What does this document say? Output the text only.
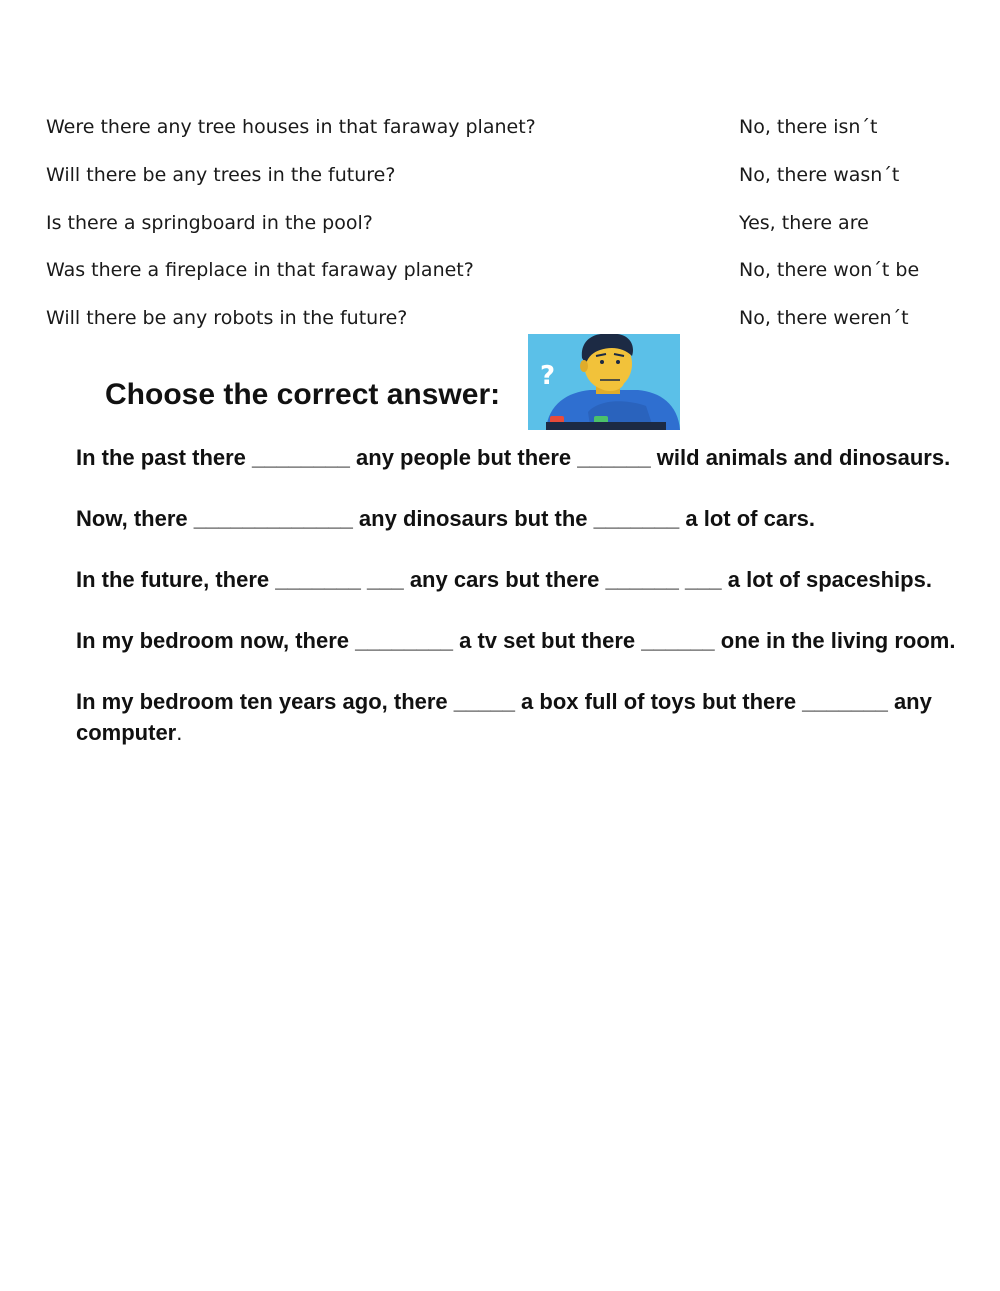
Were there any tree houses in that faraway planet?	No, there isn´t
Will there be any trees in the future?	No, there wasn´t
Is there a springboard in the pool?	Yes, there are
Was there a fireplace in that faraway planet?	No, there won´t be
Will there be any robots in the future?	No, there weren´t
Choose the correct answer:
?

In the past there ________ any people but there ______ wild animals and dinosaurs.

Now, there _____________ any dinosaurs but the _______ a lot of cars.

In the future, there _______ ___ any cars but there ______ ___ a lot of spaceships.

In my bedroom now, there ________ a tv set but there ______ one in the living room.

In my bedroom ten years ago, there _____ a box full of toys but there _______ any computer.
